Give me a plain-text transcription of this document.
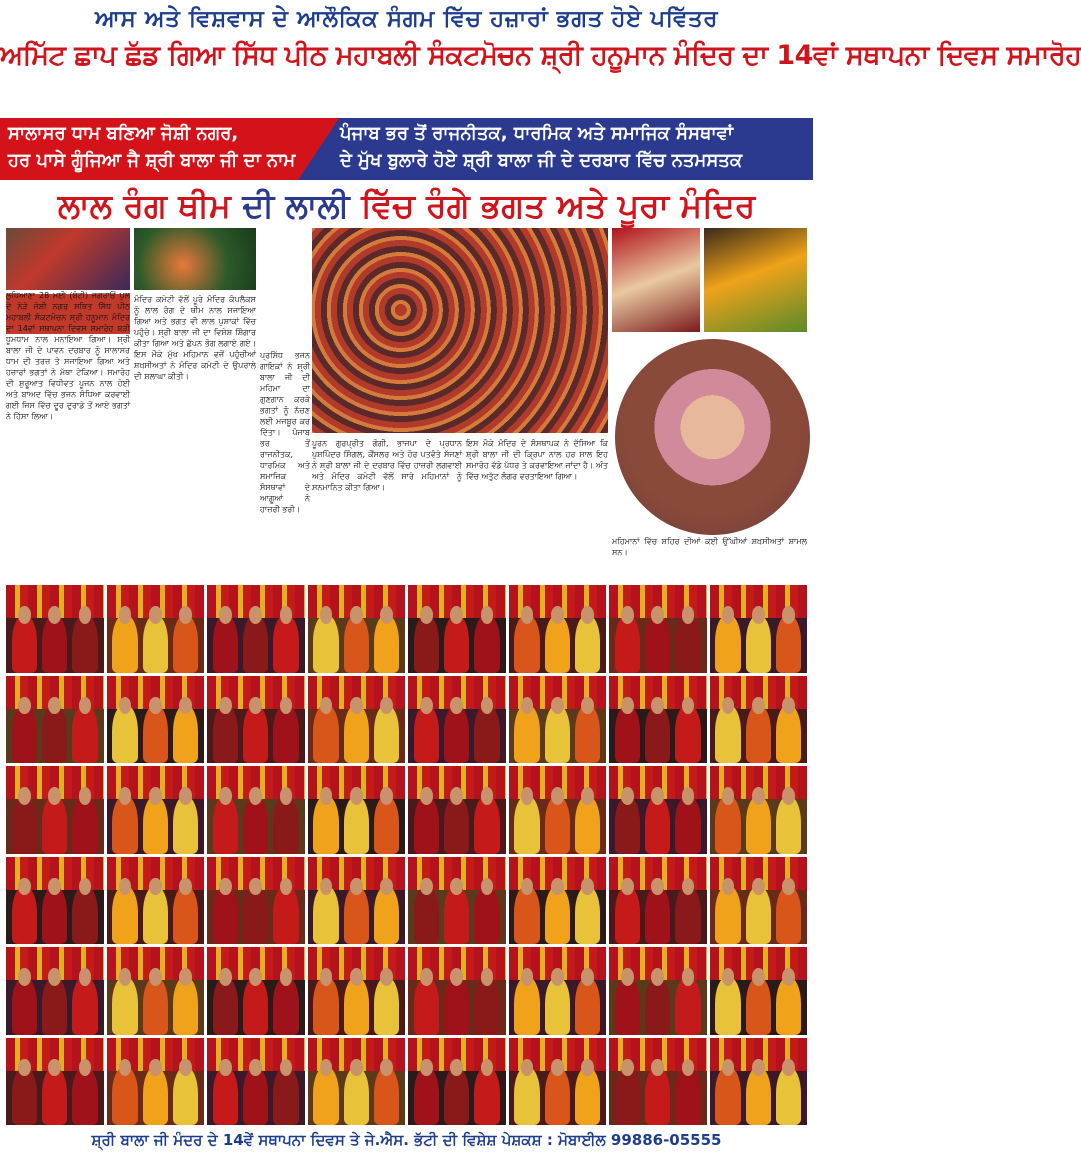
ਆਸ ਅਤੇ ਵਿਸ਼ਵਾਸ ਦੇ ਆਲੌਕਿਕ ਸੰਗਮ ਵਿੱਚ ਹਜ਼ਾਰਾਂ ਭਗਤ ਹੋਏ ਪਵਿੱਤਰ
ਅਮਿੱਟ ਛਾਪ ਛੱਡ ਗਿਆ ਸਿੱਧ ਪੀਠ ਮਹਾਬਲੀ ਸੰਕਟਮੋਚਨ ਸ਼੍ਰੀ ਹਨੂਮਾਨ ਮੰਦਿਰ ਦਾ 14ਵਾਂ ਸਥਾਪਨਾ ਦਿਵਸ ਸਮਾਰੋਹ
ਸਾਲਾਸਰ ਧਾਮ ਬਣਿਆ ਜੋਸ਼ੀ ਨਗਰ,
ਹਰ ਪਾਸੇ ਗੂੰਜਿਆ ਜੈ ਸ਼੍ਰੀ ਬਾਲਾ ਜੀ ਦਾ ਨਾਮ
ਪੰਜਾਬ ਭਰ ਤੋਂ ਰਾਜਨੀਤਕ, ਧਾਰਮਿਕ ਅਤੇ ਸਮਾਜਿਕ ਸੰਸਥਾਵਾਂ
ਦੇ ਮੁੱਖ ਬੁਲਾਰੇ ਹੋਏ ਸ਼੍ਰੀ ਬਾਲਾ ਜੀ ਦੇ ਦਰਬਾਰ ਵਿੱਚ ਨਤਮਸਤਕ
ਲਾਲ ਰੰਗ ਥੀਮ ਦੀ ਲਾਲੀ ਵਿੱਚ ਰੰਗੇ ਭਗਤ ਅਤੇ ਪੂਰਾ ਮੰਦਿਰ
ਲੁਧਿਆਣਾ 28 ਮਈ (ਬੰਟੀ) ਜਗਰਾਓਂ ਪੁਲ ਦੇ ਨੇੜੇ ਜੋਸ਼ੀ ਨਗਰ ਸਥਿਤ ਸਿੱਧ ਪੀਠ ਮਹਾਬਲੀ ਸੰਕਟਮੋਚਨ ਸ਼੍ਰੀ ਹਨੂਮਾਨ ਮੰਦਿਰ ਦਾ 14ਵਾਂ ਸਥਾਪਨਾ ਦਿਵਸ ਸਮਾਰੋਹ ਬੜੀ ਧੂਮਧਾਮ ਨਾਲ ਮਨਾਇਆ ਗਿਆ। ਸ਼੍ਰੀ ਬਾਲਾ ਜੀ ਦੇ ਪਾਵਨ ਦਰਬਾਰ ਨੂੰ ਸਾਲਾਸਰ ਧਾਮ ਦੀ ਤਰਜ਼ ਤੇ ਸਜਾਇਆ ਗਿਆ ਅਤੇ ਹਜ਼ਾਰਾਂ ਭਗਤਾਂ ਨੇ ਮੱਥਾ ਟੇਕਿਆ। ਸਮਾਰੋਹ ਦੀ ਸ਼ੁਰੂਆਤ ਵਿਧੀਵਤ ਪੂਜਨ ਨਾਲ ਹੋਈ ਅਤੇ ਬਾਅਦ ਵਿੱਚ ਭਜਨ ਸੰਧਿਆ ਕਰਵਾਈ ਗਈ ਜਿਸ ਵਿੱਚ ਦੂਰ ਦੁਰਾਡੇ ਤੋਂ ਆਏ ਭਗਤਾਂ ਨੇ ਹਿੱਸਾ ਲਿਆ।
ਮੰਦਿਰ ਕਮੇਟੀ ਵੱਲੋਂ ਪੂਰੇ ਮੰਦਿਰ ਕੰਪਲੈਕਸ ਨੂੰ ਲਾਲ ਰੰਗ ਦੇ ਥੀਮ ਨਾਲ ਸਜਾਇਆ ਗਿਆ ਅਤੇ ਭਗਤ ਵੀ ਲਾਲ ਪੁਸ਼ਾਕਾਂ ਵਿੱਚ ਪਹੁੰਚੇ। ਸ਼੍ਰੀ ਬਾਲਾ ਜੀ ਦਾ ਵਿਸ਼ੇਸ਼ ਸ਼ਿੰਗਾਰ ਕੀਤਾ ਗਿਆ ਅਤੇ ਛੱਪਨ ਭੋਗ ਲਗਾਏ ਗਏ। ਇਸ ਮੌਕੇ ਮੁੱਖ ਮਹਿਮਾਨ ਵਜੋਂ ਪਹੁੰਚੀਆਂ ਸ਼ਖ਼ਸੀਅਤਾਂ ਨੇ ਮੰਦਿਰ ਕਮੇਟੀ ਦੇ ਉਪਰਾਲੇ ਦੀ ਸ਼ਲਾਘਾ ਕੀਤੀ।
ਪ੍ਰਸਿੱਧ ਭਜਨ ਗਾਇਕਾਂ ਨੇ ਸ਼੍ਰੀ ਬਾਲਾ ਜੀ ਦੀ ਮਹਿਮਾ ਦਾ ਗੁਣਗਾਨ ਕਰਕੇ ਭਗਤਾਂ ਨੂੰ ਨੱਚਣ ਲਈ ਮਜਬੂਰ ਕਰ ਦਿੱਤਾ। ਪੰਜਾਬ ਭਰ ਤੋਂ ਰਾਜਨੀਤਕ, ਧਾਰਮਿਕ ਅਤੇ ਸਮਾਜਿਕ ਸੰਸਥਾਵਾਂ ਦੇ ਆਗੂਆਂ ਨੇ ਹਾਜ਼ਰੀ ਭਰੀ।
ਪੂਰਨ ਗੁਰਪ੍ਰੀਤ ਗੋਗੀ, ਭਾਜਪਾ ਦੇ ਪ੍ਰਧਾਨ ਪੁਸ਼ਪਿੰਦਰ ਸਿੰਗਲ, ਕੌਂਸਲਰ ਅਤੇ ਹੋਰ ਪਤਵੰਤੇ ਸੱਜਣਾਂ ਨੇ ਸ਼੍ਰੀ ਬਾਲਾ ਜੀ ਦੇ ਦਰਬਾਰ ਵਿੱਚ ਹਾਜ਼ਰੀ ਲਗਵਾਈ ਅਤੇ ਮੰਦਿਰ ਕਮੇਟੀ ਵੱਲੋਂ ਸਾਰੇ ਮਹਿਮਾਨਾਂ ਨੂੰ ਸਨਮਾਨਿਤ ਕੀਤਾ ਗਿਆ।
ਇਸ ਮੌਕੇ ਮੰਦਿਰ ਦੇ ਸੰਸਥਾਪਕ ਨੇ ਦੱਸਿਆ ਕਿ ਸ਼੍ਰੀ ਬਾਲਾ ਜੀ ਦੀ ਕ੍ਰਿਪਾ ਨਾਲ ਹਰ ਸਾਲ ਇਹ ਸਮਾਰੋਹ ਵੱਡੇ ਪੱਧਰ ਤੇ ਕਰਵਾਇਆ ਜਾਂਦਾ ਹੈ। ਅੰਤ ਵਿੱਚ ਅਤੁੱਟ ਲੰਗਰ ਵਰਤਾਇਆ ਗਿਆ।
ਮਹਿਮਾਨਾਂ ਵਿੱਚ ਸ਼ਹਿਰ ਦੀਆਂ ਕਈ ਉੱਘੀਆਂ ਸ਼ਖ਼ਸੀਅਤਾਂ ਸ਼ਾਮਲ ਸਨ।
ਸ਼੍ਰੀ ਬਾਲਾ ਜੀ ਮੰਦਰ ਦੇ 14ਵੇਂ ਸਥਾਪਨਾ ਦਿਵਸ ਤੇ ਜੇ.ਐਸ. ਭੱਟੀ ਦੀ ਵਿਸ਼ੇਸ਼ ਪੇਸ਼ਕਸ਼ : ਮੋਬਾਈਲ 99886-05555
